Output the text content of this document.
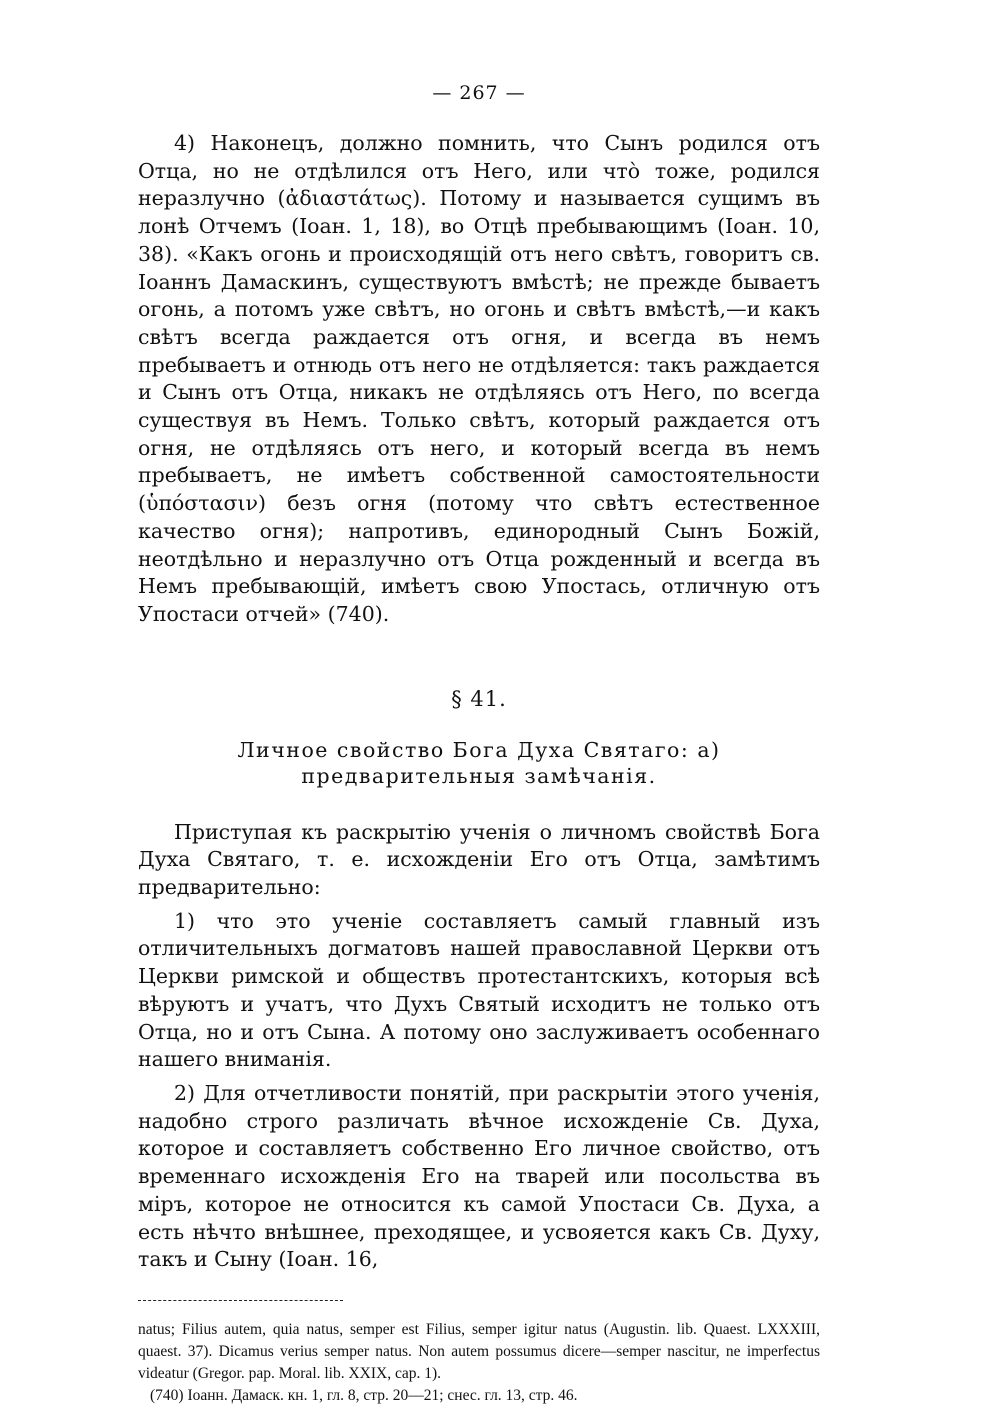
— 267 —

4) Наконецъ, должно помнить, что Сынъ родился отъ Отца, но не отдѣлился отъ Него, или что̀ тоже, родился неразлучно (ἀδιαστάτως). Потому и называется сущимъ въ лонѣ Отчемъ (Іоан. 1, 18), во Отцѣ пребывающимъ (Іоан. 10, 38). «Какъ огонь и происходящій отъ него свѣтъ, говоритъ св. Іоаннъ Дамаскинъ, существуютъ вмѣстѣ; не прежде бываетъ огонь, а потомъ уже свѣтъ, но огонь и свѣтъ вмѣстѣ,—и какъ свѣтъ всегда раждается отъ огня, и всегда въ немъ пребываетъ и отнюдь отъ него не отдѣляется: такъ раждается и Сынъ отъ Отца, никакъ не отдѣляясь отъ Него, по всегда существуя въ Немъ. Только свѣтъ, который раждается отъ огня, не отдѣляясь отъ него, и который всегда въ немъ пребываетъ, не имѣетъ собственной самостоятельности (ὑπόστασιν) безъ огня (потому что свѣтъ естественное качество огня); напротивъ, единородный Сынъ Божій, неотдѣльно и неразлучно отъ Отца рожденный и всегда въ Немъ пребывающій, имѣетъ свою Упостась, отличную отъ Упостаси отчей» (740).

§ 41.
Личное свойство Бога Духа Святаго: а) предварительныя замѣчанія.

Приступая къ раскрытію ученія о личномъ свойствѣ Бога Духа Святаго, т. е. исхожденіи Его отъ Отца, замѣтимъ предварительно:

1) что это ученіе составляетъ самый главный изъ отличительныхъ догматовъ нашей православной Церкви отъ Церкви римской и обществъ протестантскихъ, которыя всѣ вѣруютъ и учатъ, что Духъ Святый исходитъ не только отъ Отца, но и отъ Сына. А потому оно заслуживаетъ особеннаго нашего вниманія.

2) Для отчетливости понятій, при раскрытіи этого ученія, надобно строго различать вѣчное исхожденіе Св. Духа, которое и составляетъ собственно Его личное свойство, отъ временнаго исхожденія Его на тварей или посольства въ міръ, которое не относится къ самой Упостаси Св. Духа, а есть нѣчто внѣшнее, преходящее, и усвояется какъ Св. Духу, такъ и Сыну (Іоан. 16,

natus; Filius autem, quia natus, semper est Filius, semper igitur natus (Augustin. lib. Quaest. LXXXIII, quaest. 37). Dicamus verius semper natus. Non autem possumus dicere—semper nascitur, ne imperfectus videatur (Gregor. pap. Moral. lib. XXIX, cap. 1).

(740) Іоанн. Дамаск. кн. 1, гл. 8, стр. 20—21; снес. гл. 13, стр. 46.
